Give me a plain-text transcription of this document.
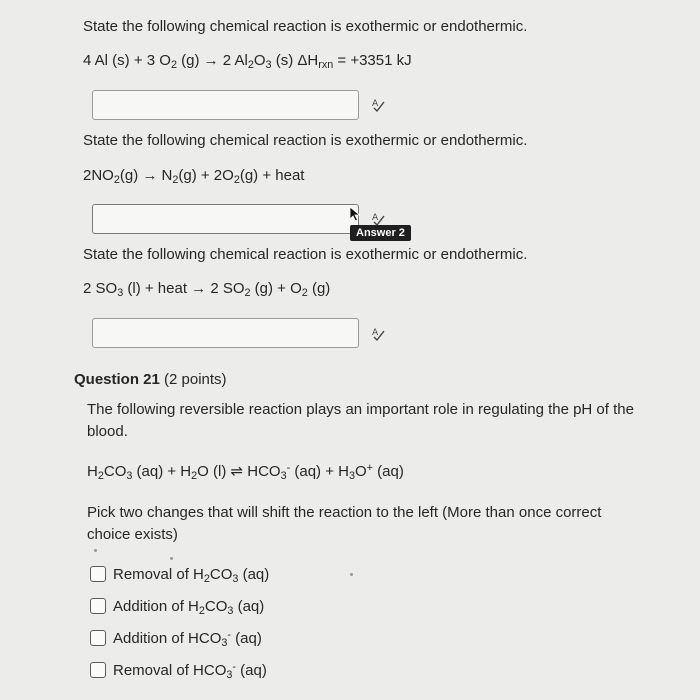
State the following chemical reaction is exothermic or endothermic.
4 Al (s) + 3 $O_2$ (g) → 2 $Al_2O_3$ (s) $\Delta H_{rxn} = +3351$ kJ
A
State the following chemical reaction is exothermic or endothermic.
$2NO_2(g) \to N_2(g) + 2O_2(g)$ + heat
A
Answer 2
State the following chemical reaction is exothermic or endothermic.
2 $SO_3$ (l) + heat → 2 $SO_2$ $(g) + O_2$ (g)
A
Question 21 (2 points)
The following reversible reaction plays an important role in regulating the pH of the blood.
$H_2CO_3$ $(aq) + H_2O$ (l) ⇌ $HCO_3^-$ $(aq) + H_3O^+$ (aq)
Pick two changes that will shift the reaction to the left (More than once correct choice exists)
Removal of $H_2CO_3$ (aq)
Addition of $H_2CO_3$ (aq)
Addition of $HCO_3^-$ (aq)
Removal of $HCO_3^-$ (aq)
